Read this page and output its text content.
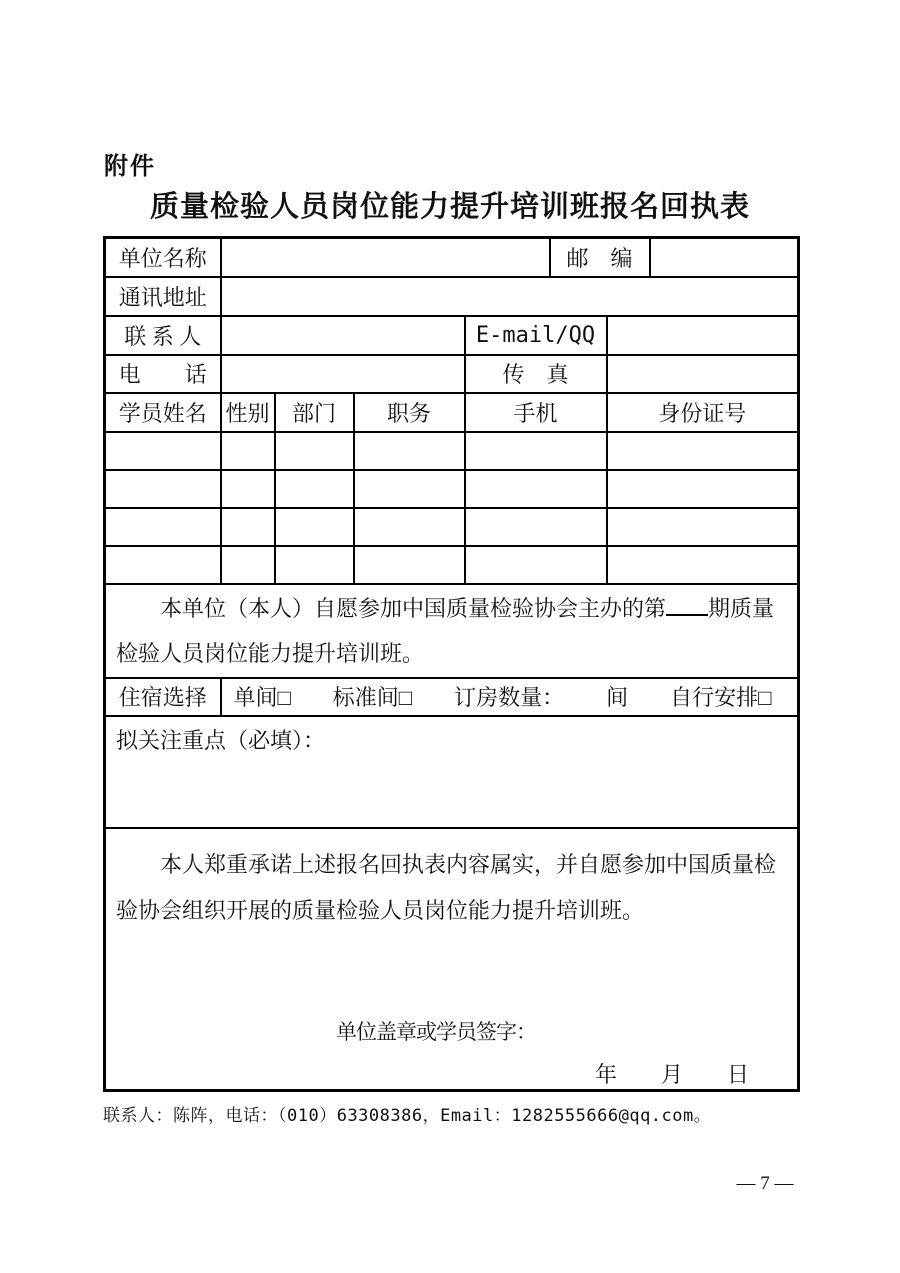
附件
质量检验人员岗位能力提升培训班报名回执表
单位名称					邮　编		
通讯地址							
联 系 人				E-mail/QQ			
电　　话				传　真			
学员姓名	性别	部门	职务	手机		身份证号	

本单位（本人）自愿参加中国质量检验协会主办的第 期质量检验人员岗位能力提升培训班。							

住宿选择	单间□ 标准间□ 订房数量： 间 自行安排□						

拟关注重点（必填）：							

本人郑重承诺上述报名回执表内容属实，并自愿参加中国质量检验协会组织开展的质量检验人员岗位能力提升培训班。

单位盖章或学员签字：
年　　月　　日							
联系人：陈阵，电话：（010）63308386，Email：1282555666@qq.com。
— 7 —
